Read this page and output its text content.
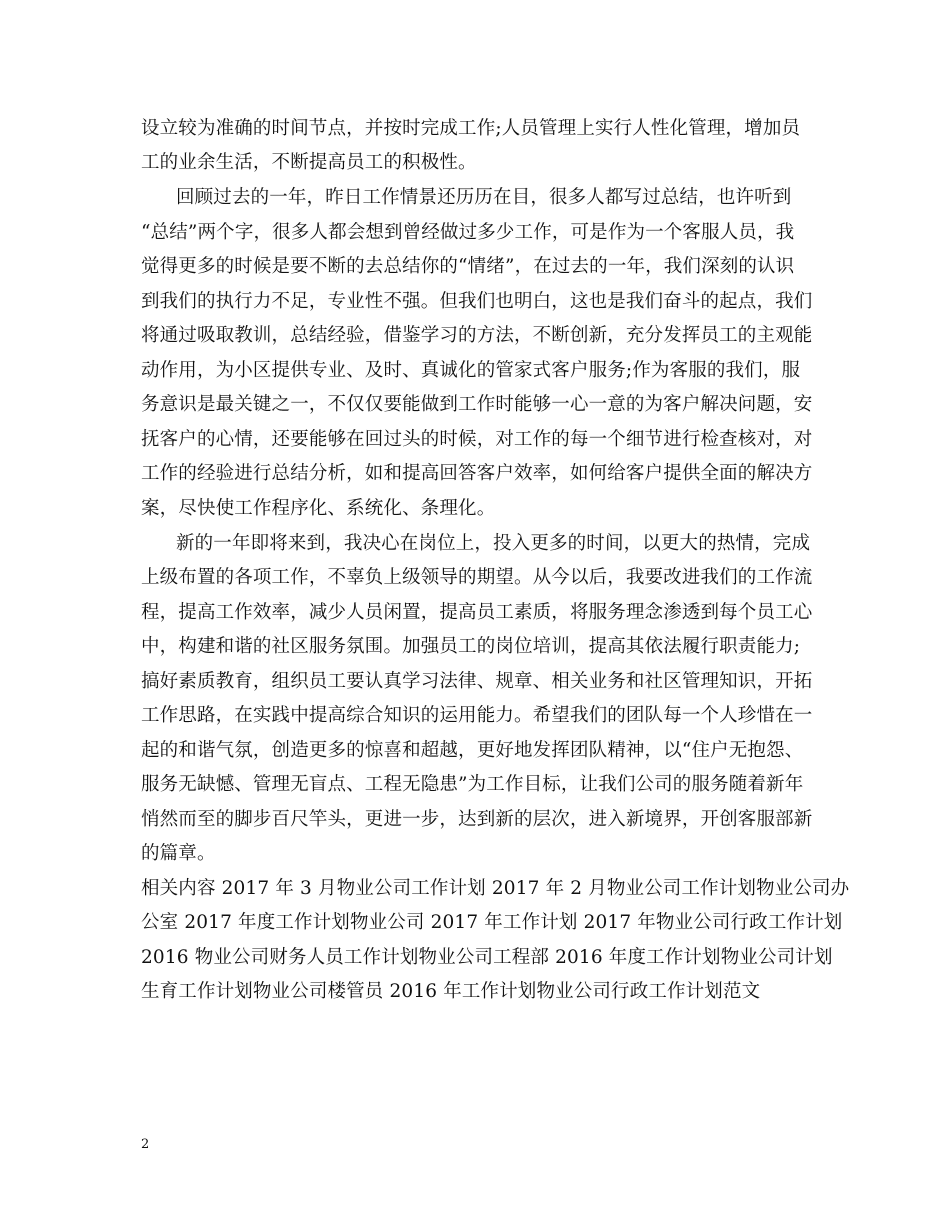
设立较为准确的时间节点，并按时完成工作;人员管理上实行人性化管理，增加员
工的业余生活，不断提高员工的积极性。
回顾过去的一年，昨日工作情景还历历在目，很多人都写过总结，也许听到
“总结”两个字，很多人都会想到曾经做过多少工作，可是作为一个客服人员，我
觉得更多的时候是要不断的去总结你的“情绪”，在过去的一年，我们深刻的认识
到我们的执行力不足，专业性不强。但我们也明白，这也是我们奋斗的起点，我们
将通过吸取教训，总结经验，借鉴学习的方法，不断创新，充分发挥员工的主观能
动作用，为小区提供专业、及时、真诚化的管家式客户服务;作为客服的我们，服
务意识是最关键之一，不仅仅要能做到工作时能够一心一意的为客户解决问题，安
抚客户的心情，还要能够在回过头的时候，对工作的每一个细节进行检查核对，对
工作的经验进行总结分析，如和提高回答客户效率，如何给客户提供全面的解决方
案，尽快使工作程序化、系统化、条理化。
新的一年即将来到，我决心在岗位上，投入更多的时间，以更大的热情，完成
上级布置的各项工作，不辜负上级领导的期望。从今以后，我要改进我们的工作流
程，提高工作效率，减少人员闲置，提高员工素质，将服务理念渗透到每个员工心
中，构建和谐的社区服务氛围。加强员工的岗位培训，提高其依法履行职责能力;
搞好素质教育，组织员工要认真学习法律、规章、相关业务和社区管理知识，开拓
工作思路，在实践中提高综合知识的运用能力。希望我们的团队每一个人珍惜在一
起的和谐气氛，创造更多的惊喜和超越，更好地发挥团队精神，以“住户无抱怨、
服务无缺憾、管理无盲点、工程无隐患”为工作目标，让我们公司的服务随着新年
悄然而至的脚步百尺竿头，更进一步，达到新的层次，进入新境界，开创客服部新
的篇章。
相关内容 2017 年 3 月物业公司工作计划 2017 年 2 月物业公司工作计划物业公司办
公室 2017 年度工作计划物业公司 2017 年工作计划 2017 年物业公司行政工作计划
2016 物业公司财务人员工作计划物业公司工程部 2016 年度工作计划物业公司计划
生育工作计划物业公司楼管员 2016 年工作计划物业公司行政工作计划范文
2
